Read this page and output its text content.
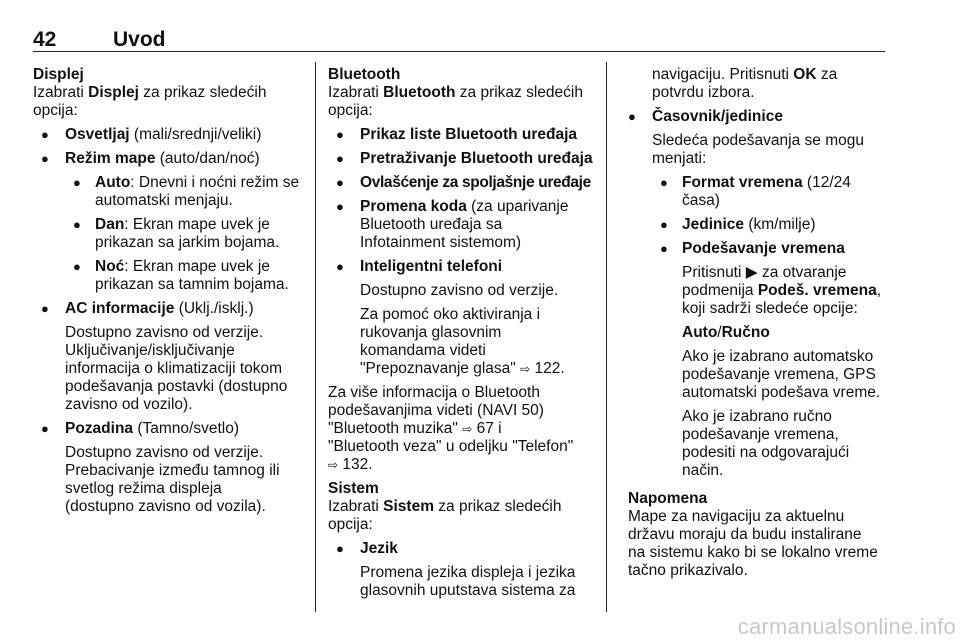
42	Uvod

Displej

Izabrati Displej za prikaz sledećih

opcija:

● Osvetljaj (mali/srednji/veliki)

● Režim mape (auto/dan/noć)

● Auto: Dnevni i noćni režim se

automatski menjaju.

● Dan: Ekran mape uvek je

prikazan sa jarkim bojama.

● Noć: Ekran mape uvek je

prikazan sa tamnim bojama.

● AC informacije (Uklj./isklj.)

Dostupno zavisno od verzije.

Uključivanje/isključivanje

informacija o klimatizaciji tokom

podešavanja postavki (dostupno

zavisno od vozilo).

● Pozadina (Tamno/svetlo)

Dostupno zavisno od verzije.

Prebacivanje između tamnog ili

svetlog režima displeja

(dostupno zavisno od vozila).

Bluetooth

Izabrati Bluetooth za prikaz sledećih

opcija:

● Prikaz liste Bluetooth uređaja

● Pretraživanje Bluetooth uređaja

● Ovlašćenje za spoljašnje uređaje

● Promena koda (za uparivanje

Bluetooth uređaja sa

Infotainment sistemom)

● Inteligentni telefoni

Dostupno zavisno od verzije.

Za pomoć oko aktiviranja i

rukovanja glasovnim

komandama videti

"Prepoznavanje glasa" ⇨ 122.

Za više informacija o Bluetooth

podešavanjima videti (NAVI 50)

"Bluetooth muzika" ⇨ 67 i

"Bluetooth veza" u odeljku "Telefon"

⇨ 132.

Sistem

Izabrati Sistem za prikaz sledećih

opcija:

● Jezik

Promena jezika displeja i jezika

glasovnih uputstava sistema za

navigaciju. Pritisnuti OK za

potvrdu izbora.

● Časovnik/jedinice

Sledeća podešavanja se mogu

menjati:

● Format vremena (12/24

časa)

● Jedinice (km/milje)

● Podešavanje vremena

Pritisnuti ▶ za otvaranje

podmenija Podeš. vremena,

koji sadrži sledeće opcije:

Auto/Ručno

Ako je izabrano automatsko

podešavanje vremena, GPS

automatski podešava vreme.

Ako je izabrano ručno

podešavanje vremena,

podesiti na odgovarajući

način.

Napomena

Mape za navigaciju za aktuelnu

državu moraju da budu instalirane

na sistemu kako bi se lokalno vreme

tačno prikazivalo.

carmanualsonline.info
